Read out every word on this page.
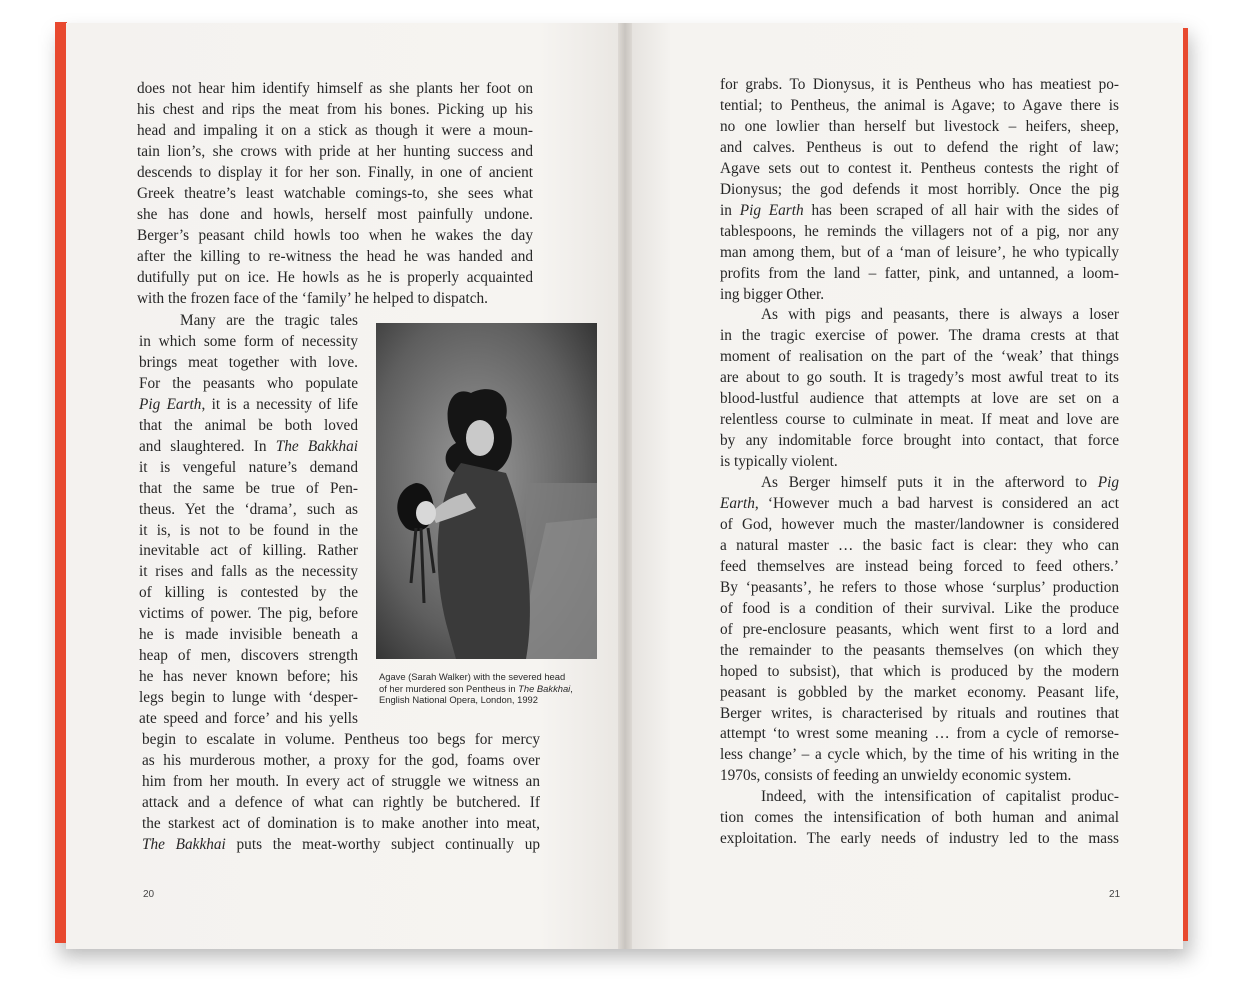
does not hear him identify himself as she plants her foot on
his chest and rips the meat from his bones. Picking up his
head and impaling it on a stick as though it were a moun-
tain lion’s, she crows with pride at her hunting success and
descends to display it for her son. Finally, in one of ancient
Greek theatre’s least watchable comings-to, she sees what
she has done and howls, herself most painfully undone.
Berger’s peasant child howls too when he wakes the day
after the killing to re-witness the head he was handed and
dutifully put on ice. He howls as he is properly acquainted
with the frozen face of the ‘family’ he helped to dispatch.
Many are the tragic tales
in which some form of necessity
brings meat together with love.
For the peasants who populate
Pig Earth, it is a necessity of life
that the animal be both loved
and slaughtered. In The Bakkhai
it is vengeful nature’s demand
that the same be true of Pen-
theus. Yet the ‘drama’, such as
it is, is not to be found in the
inevitable act of killing. Rather
it rises and falls as the necessity
of killing is contested by the
victims of power. The pig, before
he is made invisible beneath a
heap of men, discovers strength
he has never known before; his
legs begin to lunge with ‘desper-
ate speed and force’ and his yells
begin to escalate in volume. Pentheus too begs for mercy
as his murderous mother, a proxy for the god, foams over
him from her mouth. In every act of struggle we witness an
attack and a defence of what can rightly be butchered. If
the starkest act of domination is to make another into meat,
The Bakkhai puts the meat-worthy subject continually up
for grabs. To Dionysus, it is Pentheus who has meatiest po-
tential; to Pentheus, the animal is Agave; to Agave there is
no one lowlier than herself but livestock – heifers, sheep,
and calves. Pentheus is out to defend the right of law;
Agave sets out to contest it. Pentheus contests the right of
Dionysus; the god defends it most horribly. Once the pig
in Pig Earth has been scraped of all hair with the sides of
tablespoons, he reminds the villagers not of a pig, nor any
man among them, but of a ‘man of leisure’, he who typically
profits from the land – fatter, pink, and untanned, a loom-
ing bigger Other.
As with pigs and peasants, there is always a loser
in the tragic exercise of power. The drama crests at that
moment of realisation on the part of the ‘weak’ that things
are about to go south. It is tragedy’s most awful treat to its
blood-lustful audience that attempts at love are set on a
relentless course to culminate in meat. If meat and love are
by any indomitable force brought into contact, that force
is typically violent.
As Berger himself puts it in the afterword to Pig
Earth, ‘However much a bad harvest is considered an act
of God, however much the master/landowner is considered
a natural master … the basic fact is clear: they who can
feed themselves are instead being forced to feed others.’
By ‘peasants’, he refers to those whose ‘surplus’ production
of food is a condition of their survival. Like the produce
of pre-enclosure peasants, which went first to a lord and
the remainder to the peasants themselves (on which they
hoped to subsist), that which is produced by the modern
peasant is gobbled by the market economy. Peasant life,
Berger writes, is characterised by rituals and routines that
attempt ‘to wrest some meaning … from a cycle of remorse-
less change’ – a cycle which, by the time of his writing in the
1970s, consists of feeding an unwieldy economic system.
Indeed, with the intensification of capitalist produc-
tion comes the intensification of both human and animal
exploitation. The early needs of industry led to the mass
Agave (Sarah Walker) with the severed head
of her murdered son Pentheus in The Bakkhai,
English National Opera, London, 1992
20	21
